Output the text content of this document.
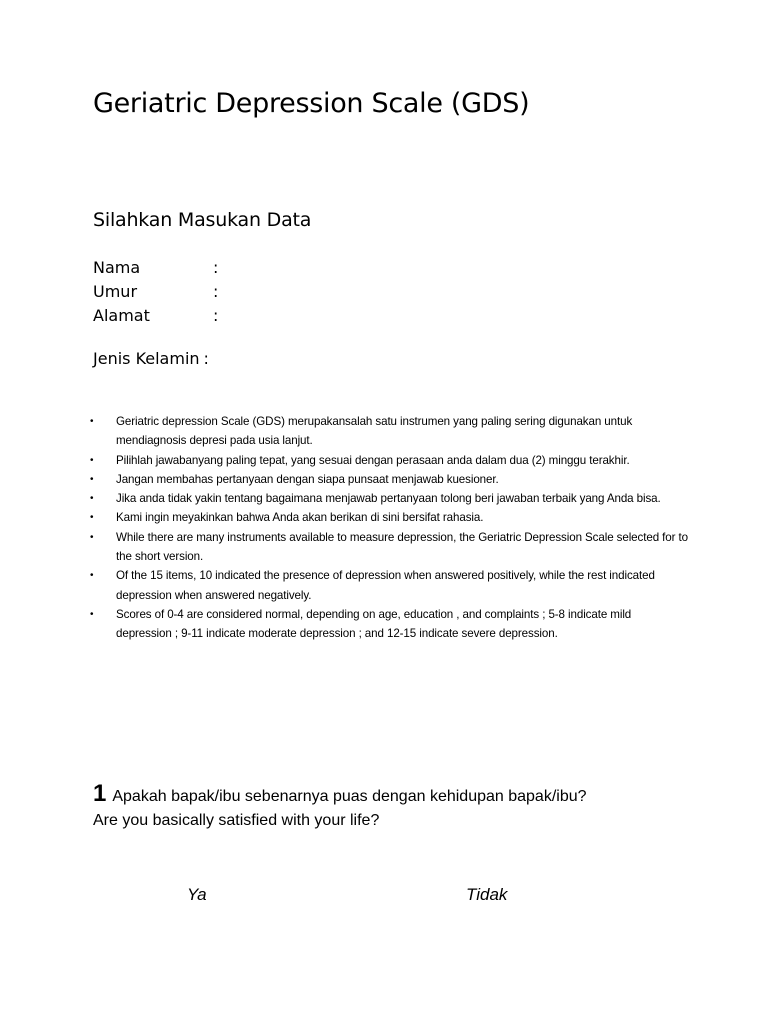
Geriatric Depression Scale (GDS)
Silahkan Masukan Data
Nama	:
Umur	:
Alamat	:
Jenis Kelamin :
• Geriatric depression Scale (GDS) merupakansalah satu instrumen yang paling sering digunakan untuk mendiagnosis depresi pada usia lanjut.
• Pilihlah jawabanyang paling tepat, yang sesuai dengan perasaan anda dalam dua (2) minggu terakhir.
• Jangan membahas pertanyaan dengan siapa punsaat menjawab kuesioner.
• Jika anda tidak yakin tentang bagaimana menjawab pertanyaan tolong beri jawaban terbaik yang Anda bisa.
• Kami ingin meyakinkan bahwa Anda akan berikan di sini bersifat rahasia.
• While there are many instruments available to measure depression, the Geriatric Depression Scale selected for to the short version.
• Of the 15 items, 10 indicated the presence of depression when answered positively, while the rest indicated depression when answered negatively.
• Scores of 0-4 are considered normal, depending on age, education , and complaints ; 5-8 indicate mild depression ; 9-11 indicate moderate depression ; and 12-15 indicate severe depression.
1 Apakah bapak/ibu sebenarnya puas dengan kehidupan bapak/ibu?
Are you basically satisfied with your life?
Ya	Tidak
